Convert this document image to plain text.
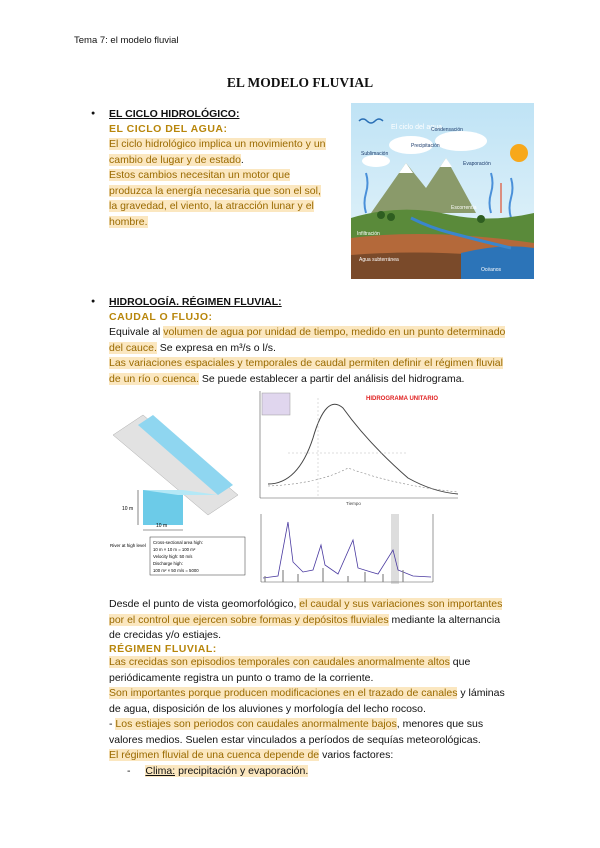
Tema 7: el modelo fluvial
EL MODELO FLUVIAL
● EL CICLO HIDROLÓGICO:
EL CICLO DEL AGUA:
El ciclo hidrológico implica un movimiento y un
cambio de lugar y de estado.
Estos cambios necesitan un motor que
produzca la energía necesaria que son el sol,
la gravedad, el viento, la atracción lunar y el
hombre.
El ciclo del agua
Condensación
Precipitación
Evaporación
Sublimación
Escorrentía
Infiltración
Agua subterránea
Océanos
● HIDROLOGÍA. RÉGIMEN FLUVIAL:
CAUDAL O FLUJO:
Equivale al volumen de agua por unidad de tiempo, medido en un punto determinado
del cauce. Se expresa en m³/s o l/s.
Las variaciones espaciales y temporales de caudal permiten definir el régimen fluvial
de un río o cuenca. Se puede establecer a partir del análisis del hidrograma.
10 m
10 m
River at high level
Cross-sectional area high:
10 m × 10 m = 100 m²
Velocity high: 50 m/s
Discharge high:
100 m² × 50 m/s = 5000
HIDROGRAMA UNITARIO
Tiempo
Desde el punto de vista geomorfológico, el caudal y sus variaciones son importantes
por el control que ejercen sobre formas y depósitos fluviales mediante la alternancia
de crecidas y/o estiajes.
RÉGIMEN FLUVIAL:
Las crecidas son episodios temporales con caudales anormalmente altos que
periódicamente registra un punto o tramo de la corriente.
Son importantes porque producen modificaciones en el trazado de canales y láminas
de agua, disposición de los aluviones y morfología del lecho rocoso.
- Los estiajes son periodos con caudales anormalmente bajos, menores que sus
valores medios. Suelen estar vinculados a períodos de sequías meteorológicas.
El régimen fluvial de una cuenca depende de varios factores:
- Clima: precipitación y evaporación.
